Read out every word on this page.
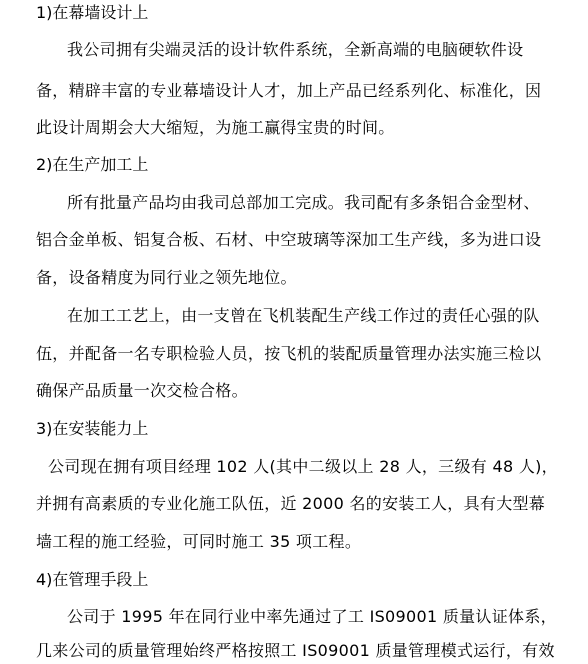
1)在幕墙设计上
我公司拥有尖端灵活的设计软件系统，全新高端的电脑硬软件设
备，精辟丰富的专业幕墙设计人才，加上产品已经系列化、标准化，因
此设计周期会大大缩短，为施工赢得宝贵的时间。
2)在生产加工上
所有批量产品均由我司总部加工完成。我司配有多条铝合金型材、
铝合金单板、铝复合板、石材、中空玻璃等深加工生产线，多为进口设
备，设备精度为同行业之领先地位。
在加工工艺上，由一支曾在飞机装配生产线工作过的责任心强的队
伍，并配备一名专职检验人员，按飞机的装配质量管理办法实施三检以
确保产品质量一次交检合格。
3)在安装能力上
公司现在拥有项目经理 102 人(其中二级以上 28 人，三级有 48 人)，
并拥有高素质的专业化施工队伍，近 2000 名的安装工人，具有大型幕
墙工程的施工经验，可同时施工 35 项工程。
4)在管理手段上
公司于 1995 年在同行业中率先通过了工 IS09001 质量认证体系，
几来公司的质量管理始终严格按照工 IS09001 质量管理模式运行，有效
